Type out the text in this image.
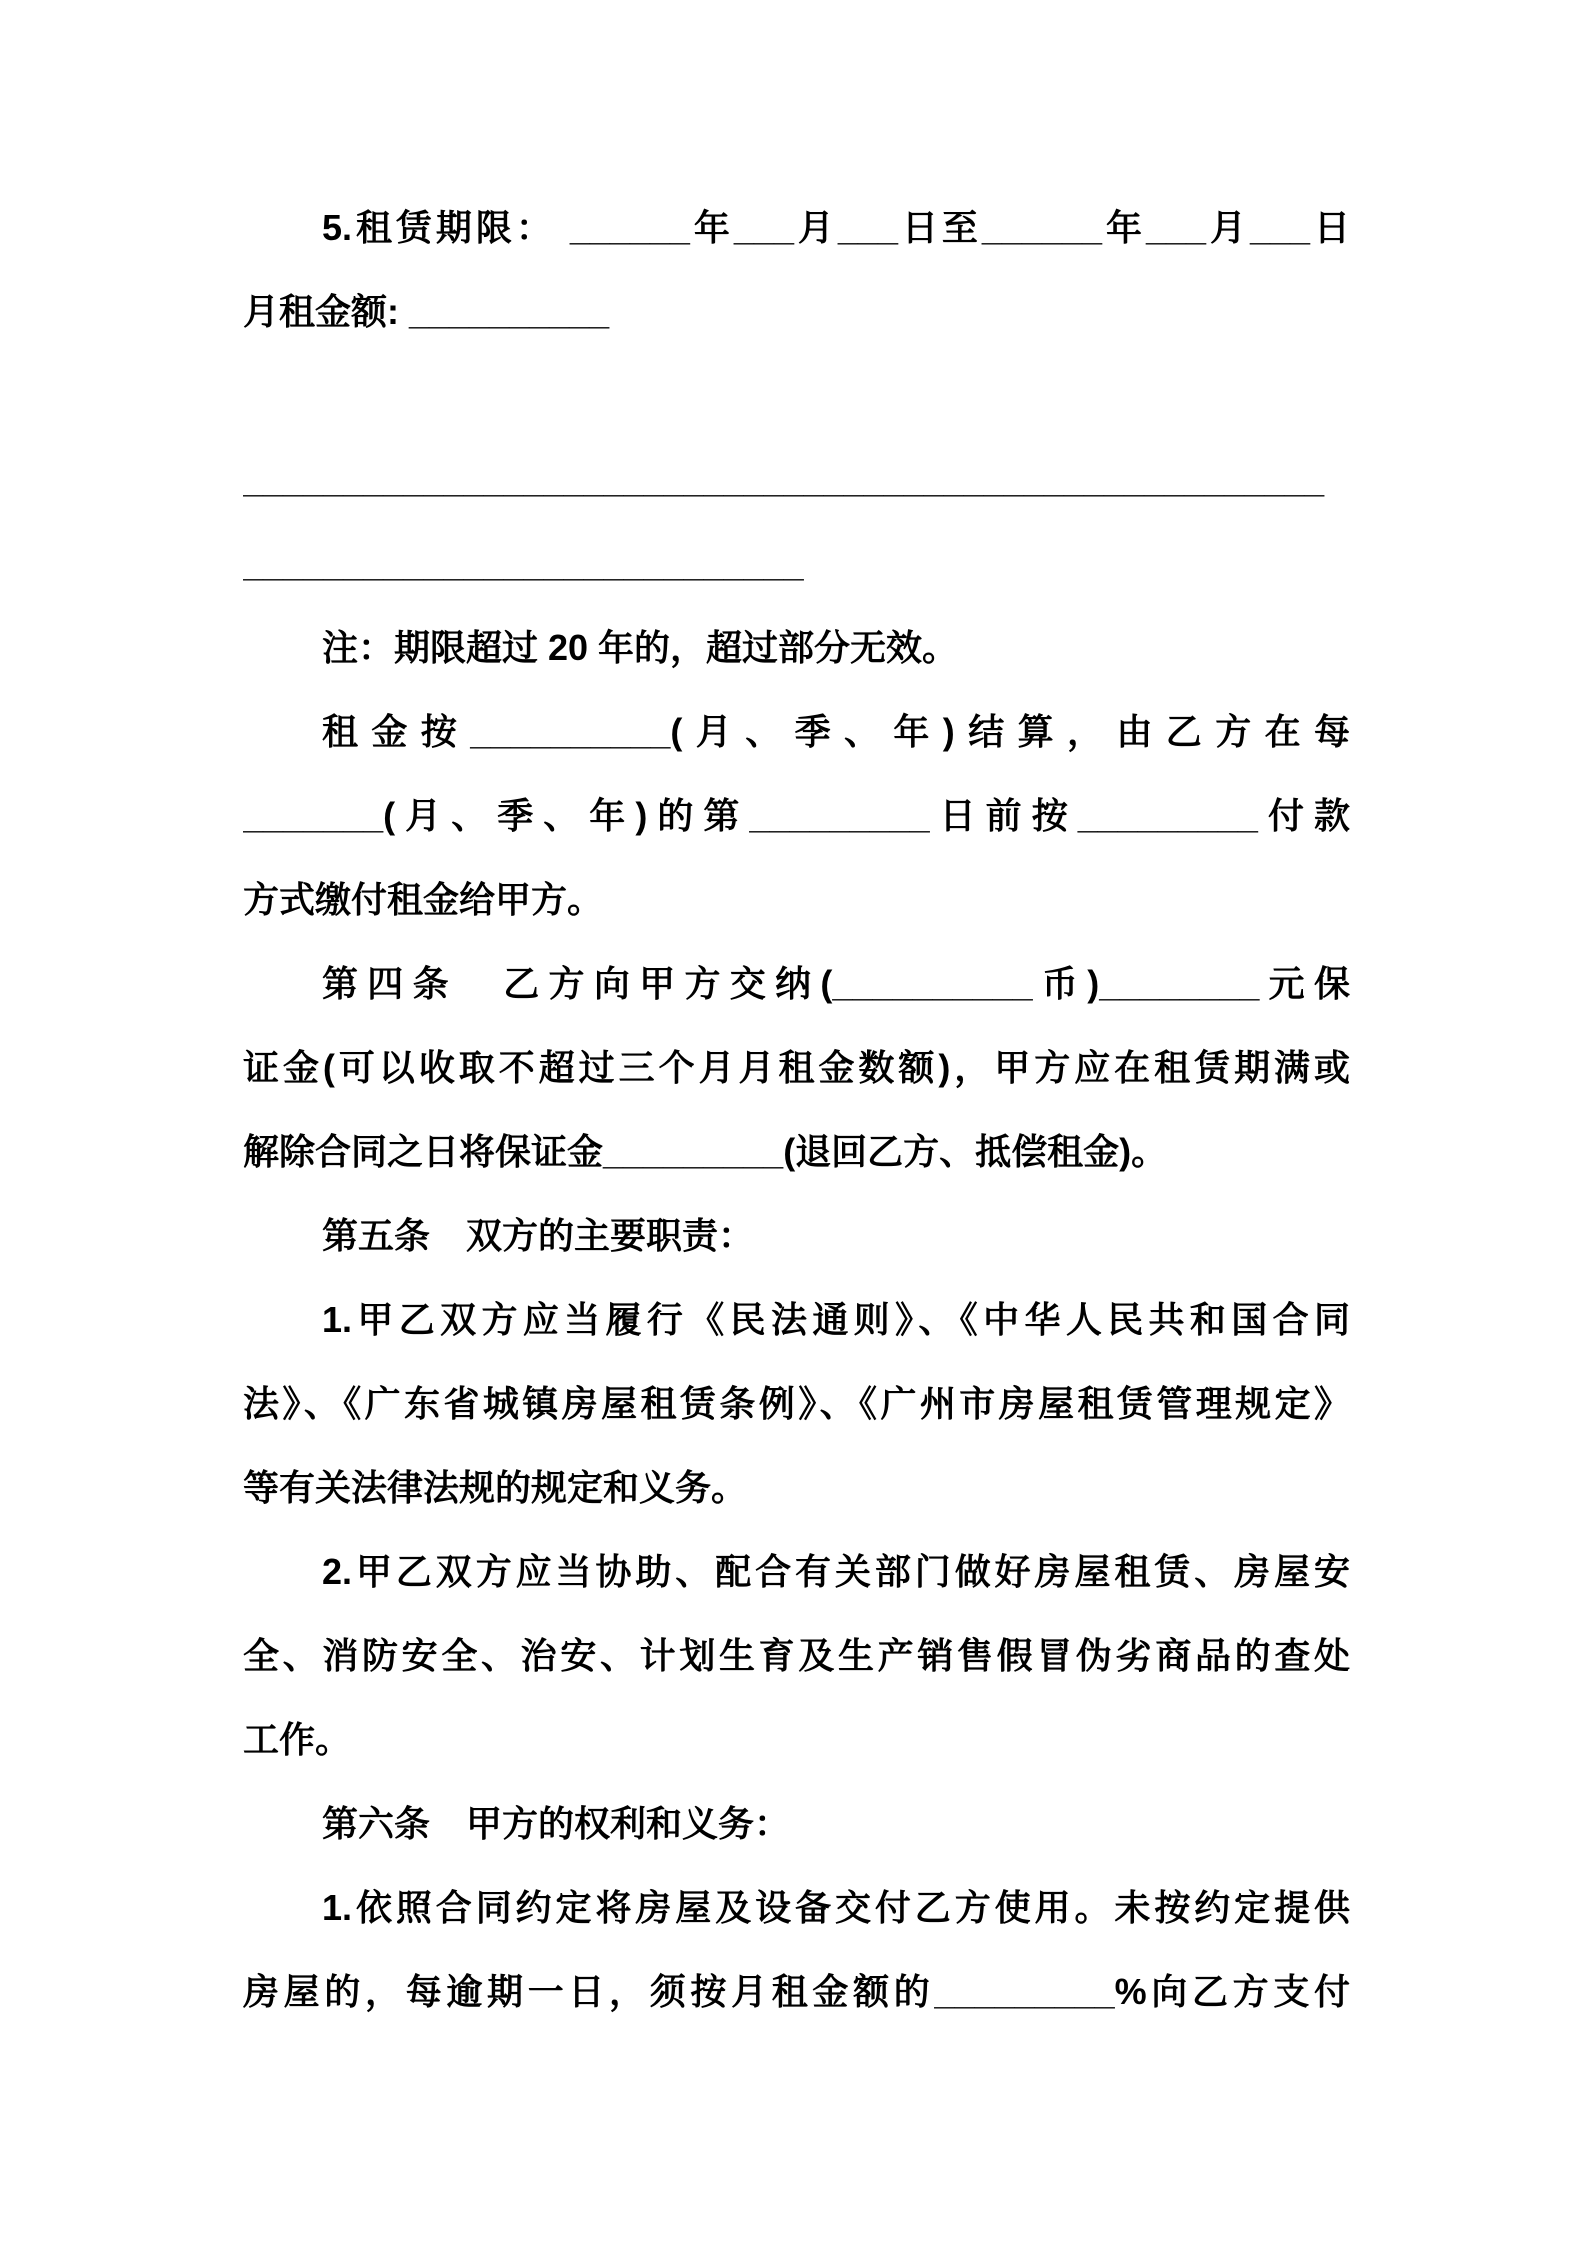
5.租赁期限： ______年___月___日至______年___月___日
月租金额: __________
______________________________________________________
____________________________
注：期限超过 20 年的，超过部分无效。
租金按__________(月、季、年)结算，由乙方在每
_______(月、季、年)的第_________日前按_________付款
方式缴付租金给甲方。
第四条　乙方向甲方交纳(__________币)________元保
证金(可以收取不超过三个月月租金数额)，甲方应在租赁期满或
解除合同之日将保证金_________(退回乙方、抵偿租金)。
第五条　双方的主要职责：
1.甲乙双方应当履行《民法通则》、《中华人民共和国合同
法》、《广东省城镇房屋租赁条例》、《广州市房屋租赁管理规定》
等有关法律法规的规定和义务。
2.甲乙双方应当协助、配合有关部门做好房屋租赁、房屋安
全、消防安全、治安、计划生育及生产销售假冒伪劣商品的查处
工作。
第六条　甲方的权利和义务：
1.依照合同约定将房屋及设备交付乙方使用。未按约定提供
房屋的，每逾期一日，须按月租金额的_________%向乙方支付
